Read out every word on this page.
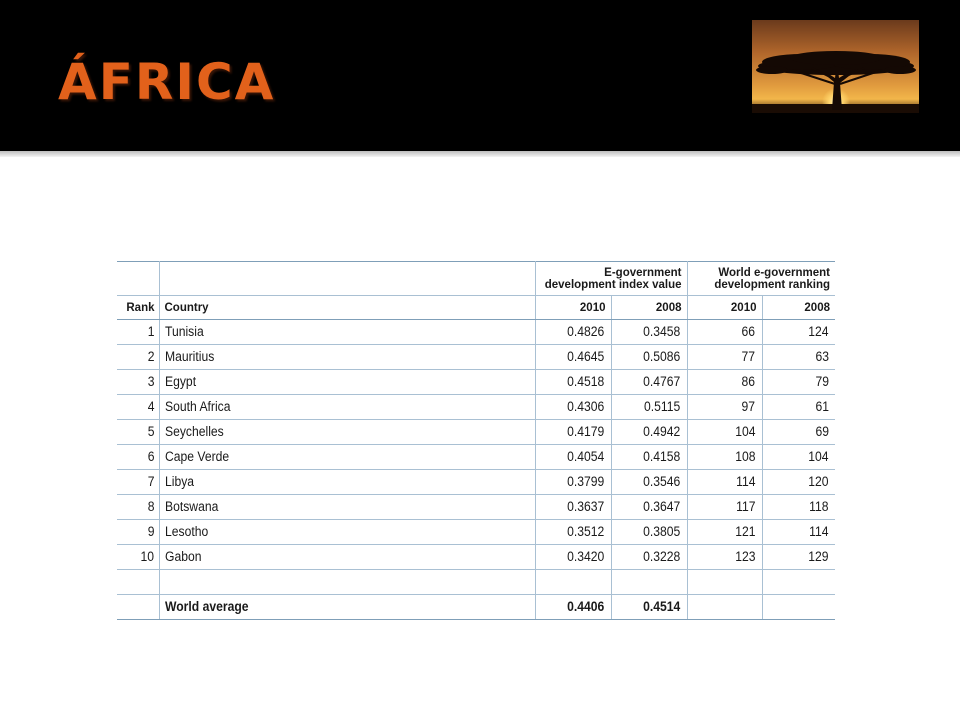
ÁFRICA
		E-government development index value		World e-government development ranking	
Rank	Country	2010	2008	2010	2008
1	Tunisia	0.4826	0.3458	66	124
2	Mauritius	0.4645	0.5086	77	63
3	Egypt	0.4518	0.4767	86	79
4	South Africa	0.4306	0.5115	97	61
5	Seychelles	0.4179	0.4942	104	69
6	Cape Verde	0.4054	0.4158	108	104
7	Libya	0.3799	0.3546	114	120
8	Botswana	0.3637	0.3647	117	118
9	Lesotho	0.3512	0.3805	121	114
10	Gabon	0.3420	0.3228	123	129

	World average	0.4406	0.4514		
